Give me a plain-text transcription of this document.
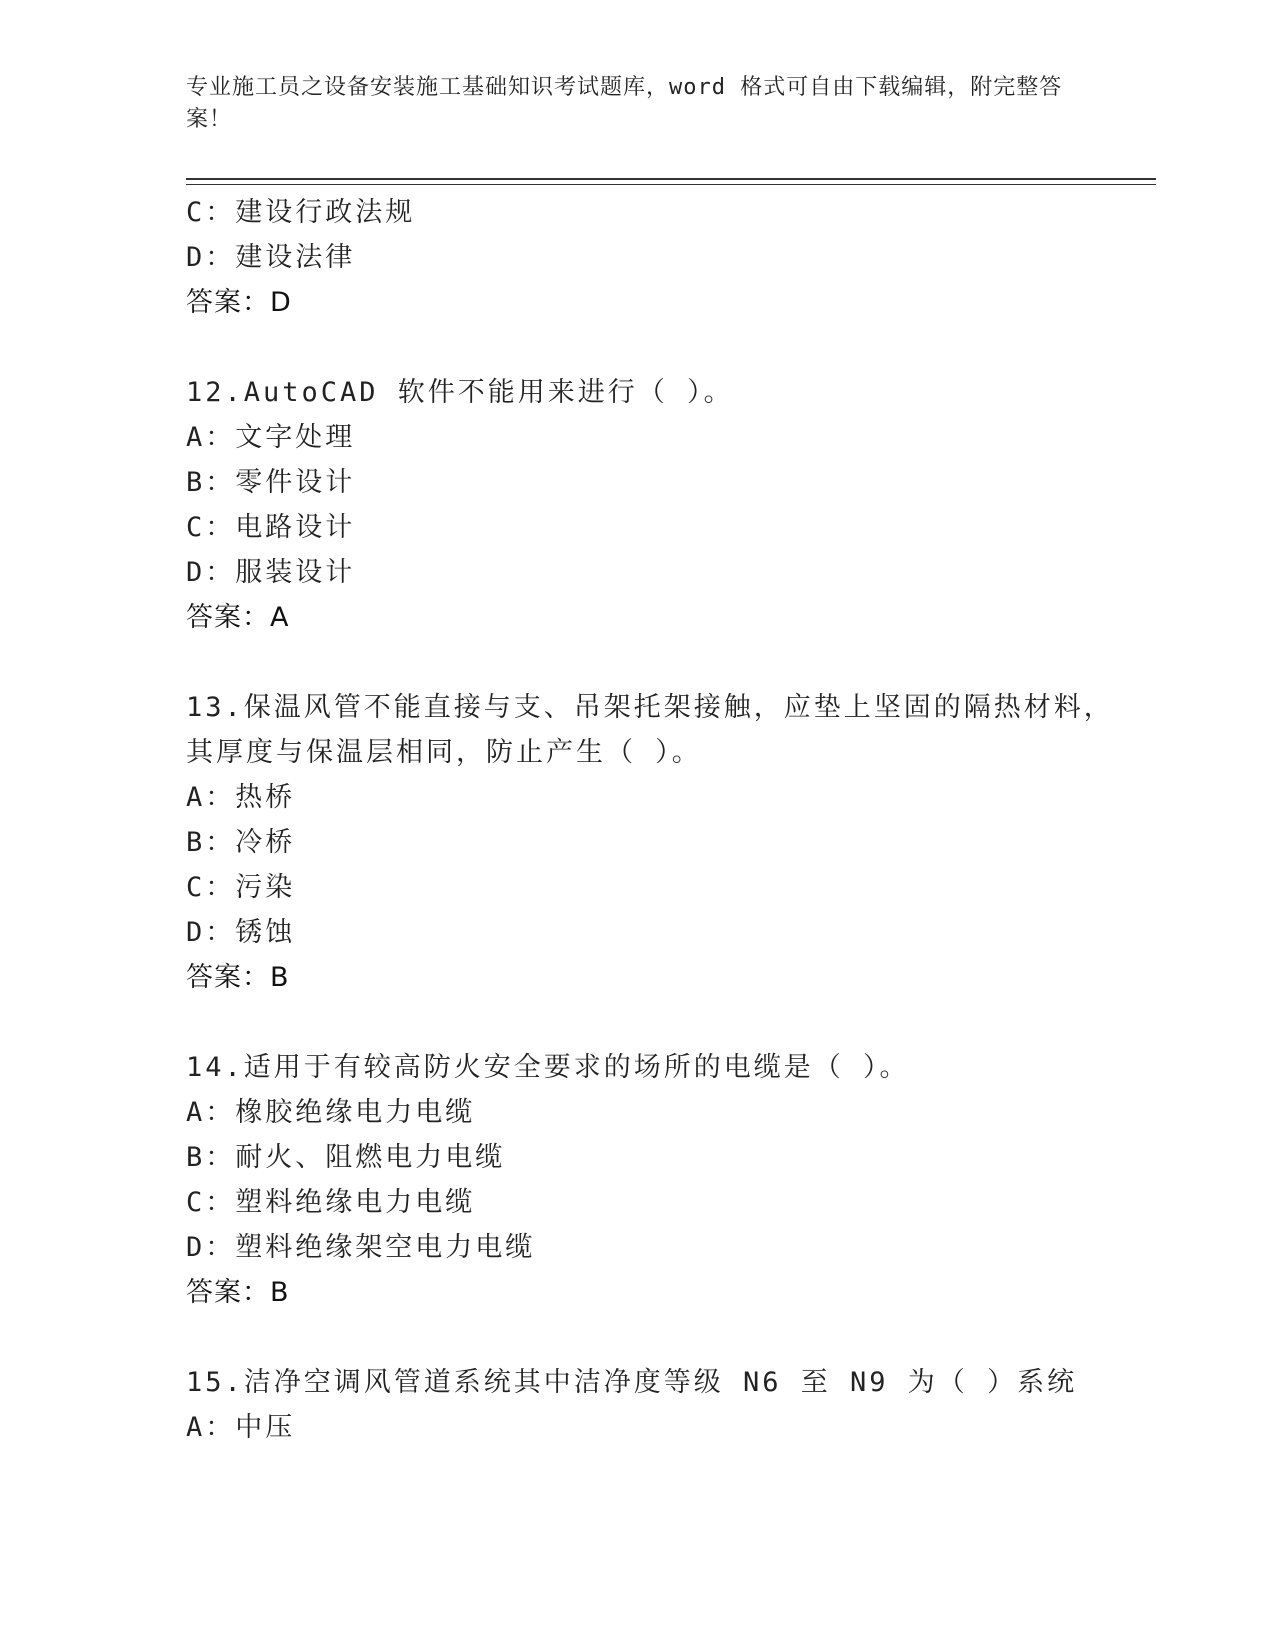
专业施工员之设备安装施工基础知识考试题库，word 格式可自由下载编辑，附完整答案！
C：建设行政法规
D：建设法律
答案：D
12.AutoCAD 软件不能用来进行（ ）。
A：文字处理
B：零件设计
C：电路设计
D：服装设计
答案：A
13.保温风管不能直接与支、吊架托架接触，应垫上坚固的隔热材料，
其厚度与保温层相同，防止产生（ ）。
A：热桥
B：冷桥
C：污染
D：锈蚀
答案：B
14.适用于有较高防火安全要求的场所的电缆是（ ）。
A：橡胶绝缘电力电缆
B：耐火、阻燃电力电缆
C：塑料绝缘电力电缆
D：塑料绝缘架空电力电缆
答案：B
15.洁净空调风管道系统其中洁净度等级 N6 至 N9 为（ ）系统
A：中压
